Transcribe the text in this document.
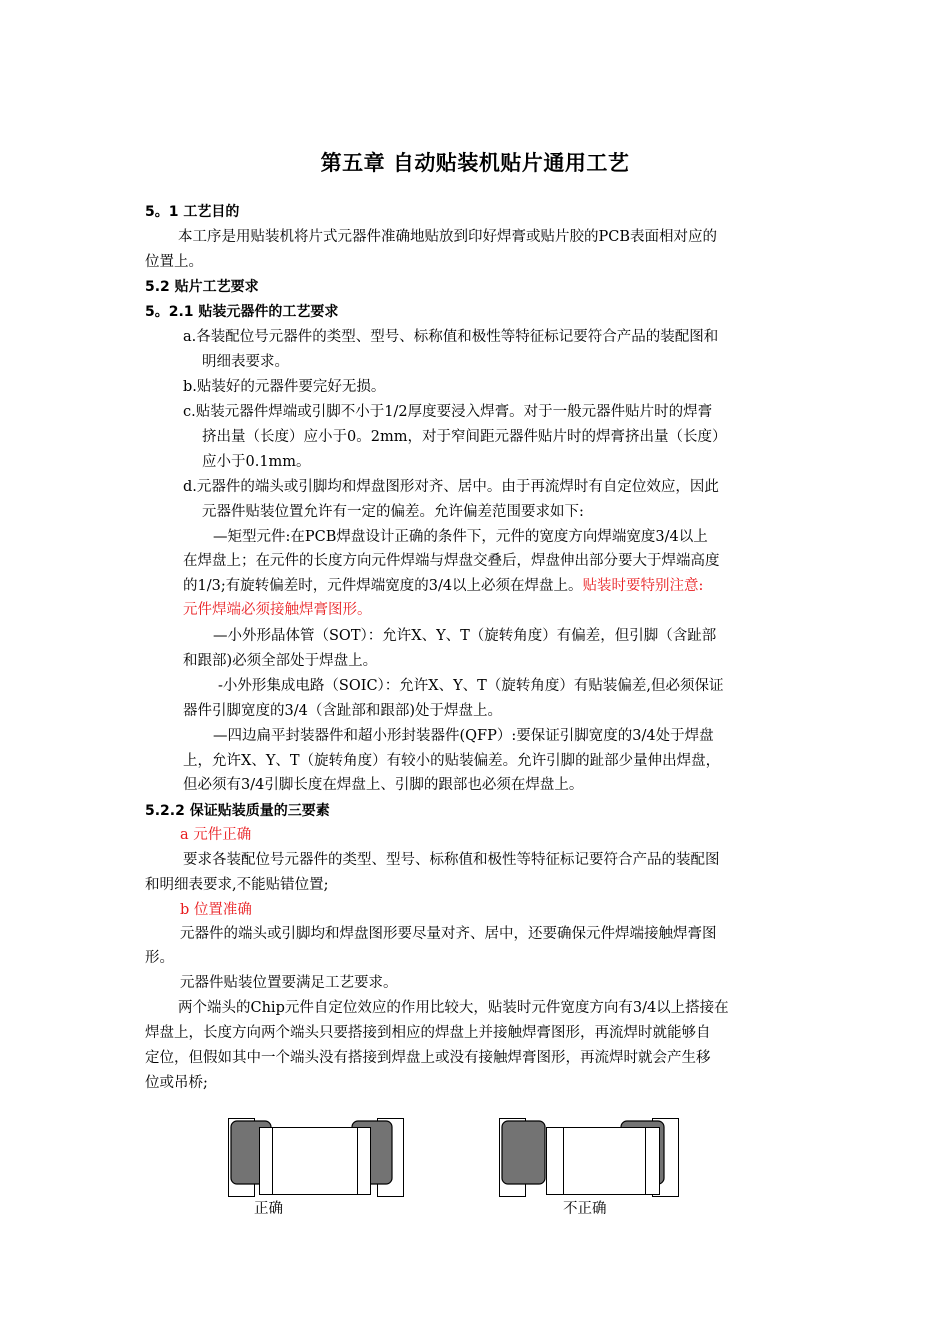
第五章 自动贴装机贴片通用工艺
5。1 工艺目的
本工序是用贴装机将片式元器件准确地贴放到印好焊膏或贴片胶的PCB表面相对应的
位置上。
5.2 贴片工艺要求
5。2.1 贴装元器件的工艺要求
a.各装配位号元器件的类型、型号、标称值和极性等特征标记要符合产品的装配图和
明细表要求。
b.贴装好的元器件要完好无损。
c.贴装元器件焊端或引脚不小于1/2厚度要浸入焊膏。对于一般元器件贴片时的焊膏
挤出量（长度）应小于0。2mm，对于窄间距元器件贴片时的焊膏挤出量（长度）
应小于0.1mm。
d.元器件的端头或引脚均和焊盘图形对齐、居中。由于再流焊时有自定位效应，因此
元器件贴装位置允许有一定的偏差。允许偏差范围要求如下:
—矩型元件:在PCB焊盘设计正确的条件下，元件的宽度方向焊端宽度3/4以上
在焊盘上；在元件的长度方向元件焊端与焊盘交叠后，焊盘伸出部分要大于焊端高度
的1/3;有旋转偏差时，元件焊端宽度的3/4以上必须在焊盘上。贴装时要特别注意:
元件焊端必须接触焊膏图形。
—小外形晶体管（SOT）：允许X、Y、T（旋转角度）有偏差，但引脚（含趾部
和跟部)必须全部处于焊盘上。
-小外形集成电路（SOIC）：允许X、Y、T（旋转角度）有贴装偏差,但必须保证
器件引脚宽度的3/4（含趾部和跟部)处于焊盘上。
—四边扁平封装器件和超小形封装器件(QFP）:要保证引脚宽度的3/4处于焊盘
上，允许X、Y、T（旋转角度）有较小的贴装偏差。允许引脚的趾部少量伸出焊盘，
但必须有3/4引脚长度在焊盘上、引脚的跟部也必须在焊盘上。
5.2.2 保证贴装质量的三要素
a 元件正确
要求各装配位号元器件的类型、型号、标称值和极性等特征标记要符合产品的装配图
和明细表要求,不能贴错位置;
b 位置准确
元器件的端头或引脚均和焊盘图形要尽量对齐、居中，还要确保元件焊端接触焊膏图
形。
元器件贴装位置要满足工艺要求。
两个端头的Chip元件自定位效应的作用比较大，贴装时元件宽度方向有3/4以上搭接在
焊盘上，长度方向两个端头只要搭接到相应的焊盘上并接触焊膏图形，再流焊时就能够自
定位，但假如其中一个端头没有搭接到焊盘上或没有接触焊膏图形，再流焊时就会产生移
位或吊桥;
正确	不正确
